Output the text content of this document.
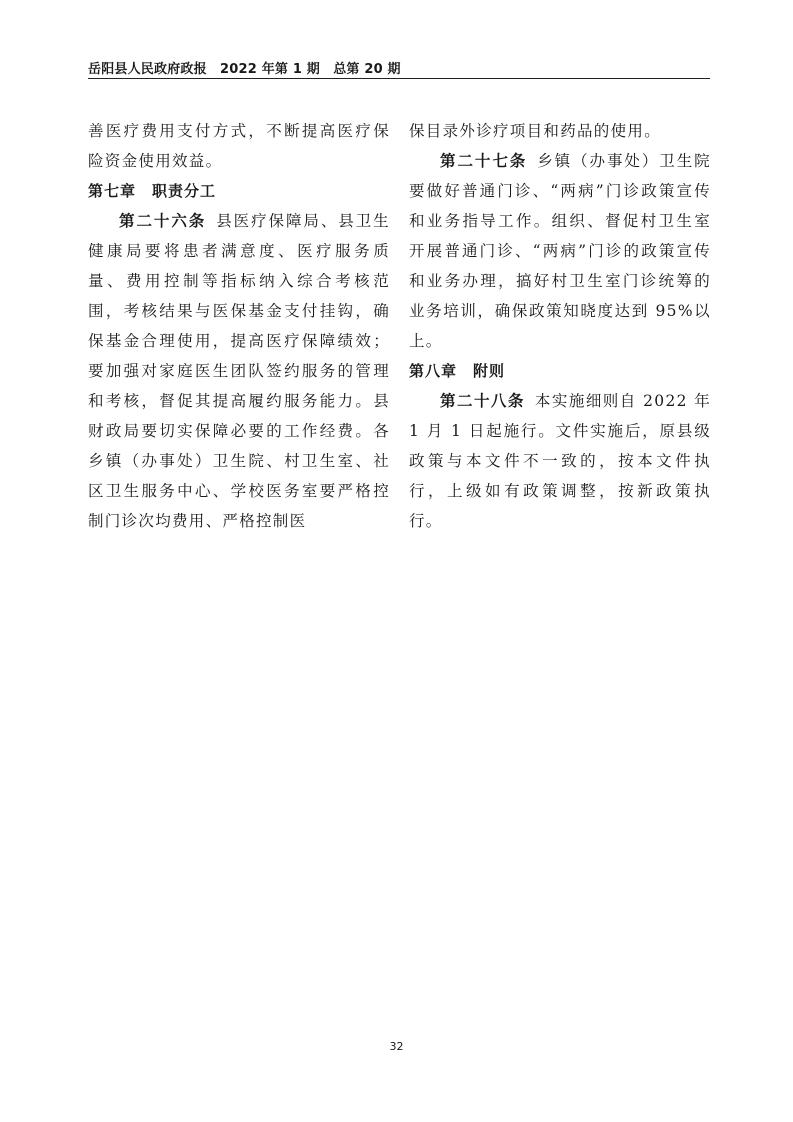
岳阳县人民政府政报　2022 年第 1 期　总第 20 期

善医疗费用支付方式，不断提高医疗保险资金使用效益。

第七章　职责分工

第二十六条 县医疗保障局、县卫生健康局要将患者满意度、医疗服务质量、费用控制等指标纳入综合考核范围，考核结果与医保基金支付挂钩，确保基金合理使用，提高医疗保障绩效；要加强对家庭医生团队签约服务的管理和考核，督促其提高履约服务能力。县财政局要切实保障必要的工作经费。各乡镇（办事处）卫生院、村卫生室、社区卫生服务中心、学校医务室要严格控制门诊次均费用、严格控制医

保目录外诊疗项目和药品的使用。

第二十七条 乡镇（办事处）卫生院要做好普通门诊、“两病”门诊政策宣传和业务指导工作。组织、督促村卫生室开展普通门诊、“两病”门诊的政策宣传和业务办理，搞好村卫生室门诊统筹的业务培训，确保政策知晓度达到 95%以上。

第八章　附则

第二十八条 本实施细则自 2022 年 1 月 1 日起施行。文件实施后，原县级政策与本文件不一致的，按本文件执行，上级如有政策调整，按新政策执行。

32
